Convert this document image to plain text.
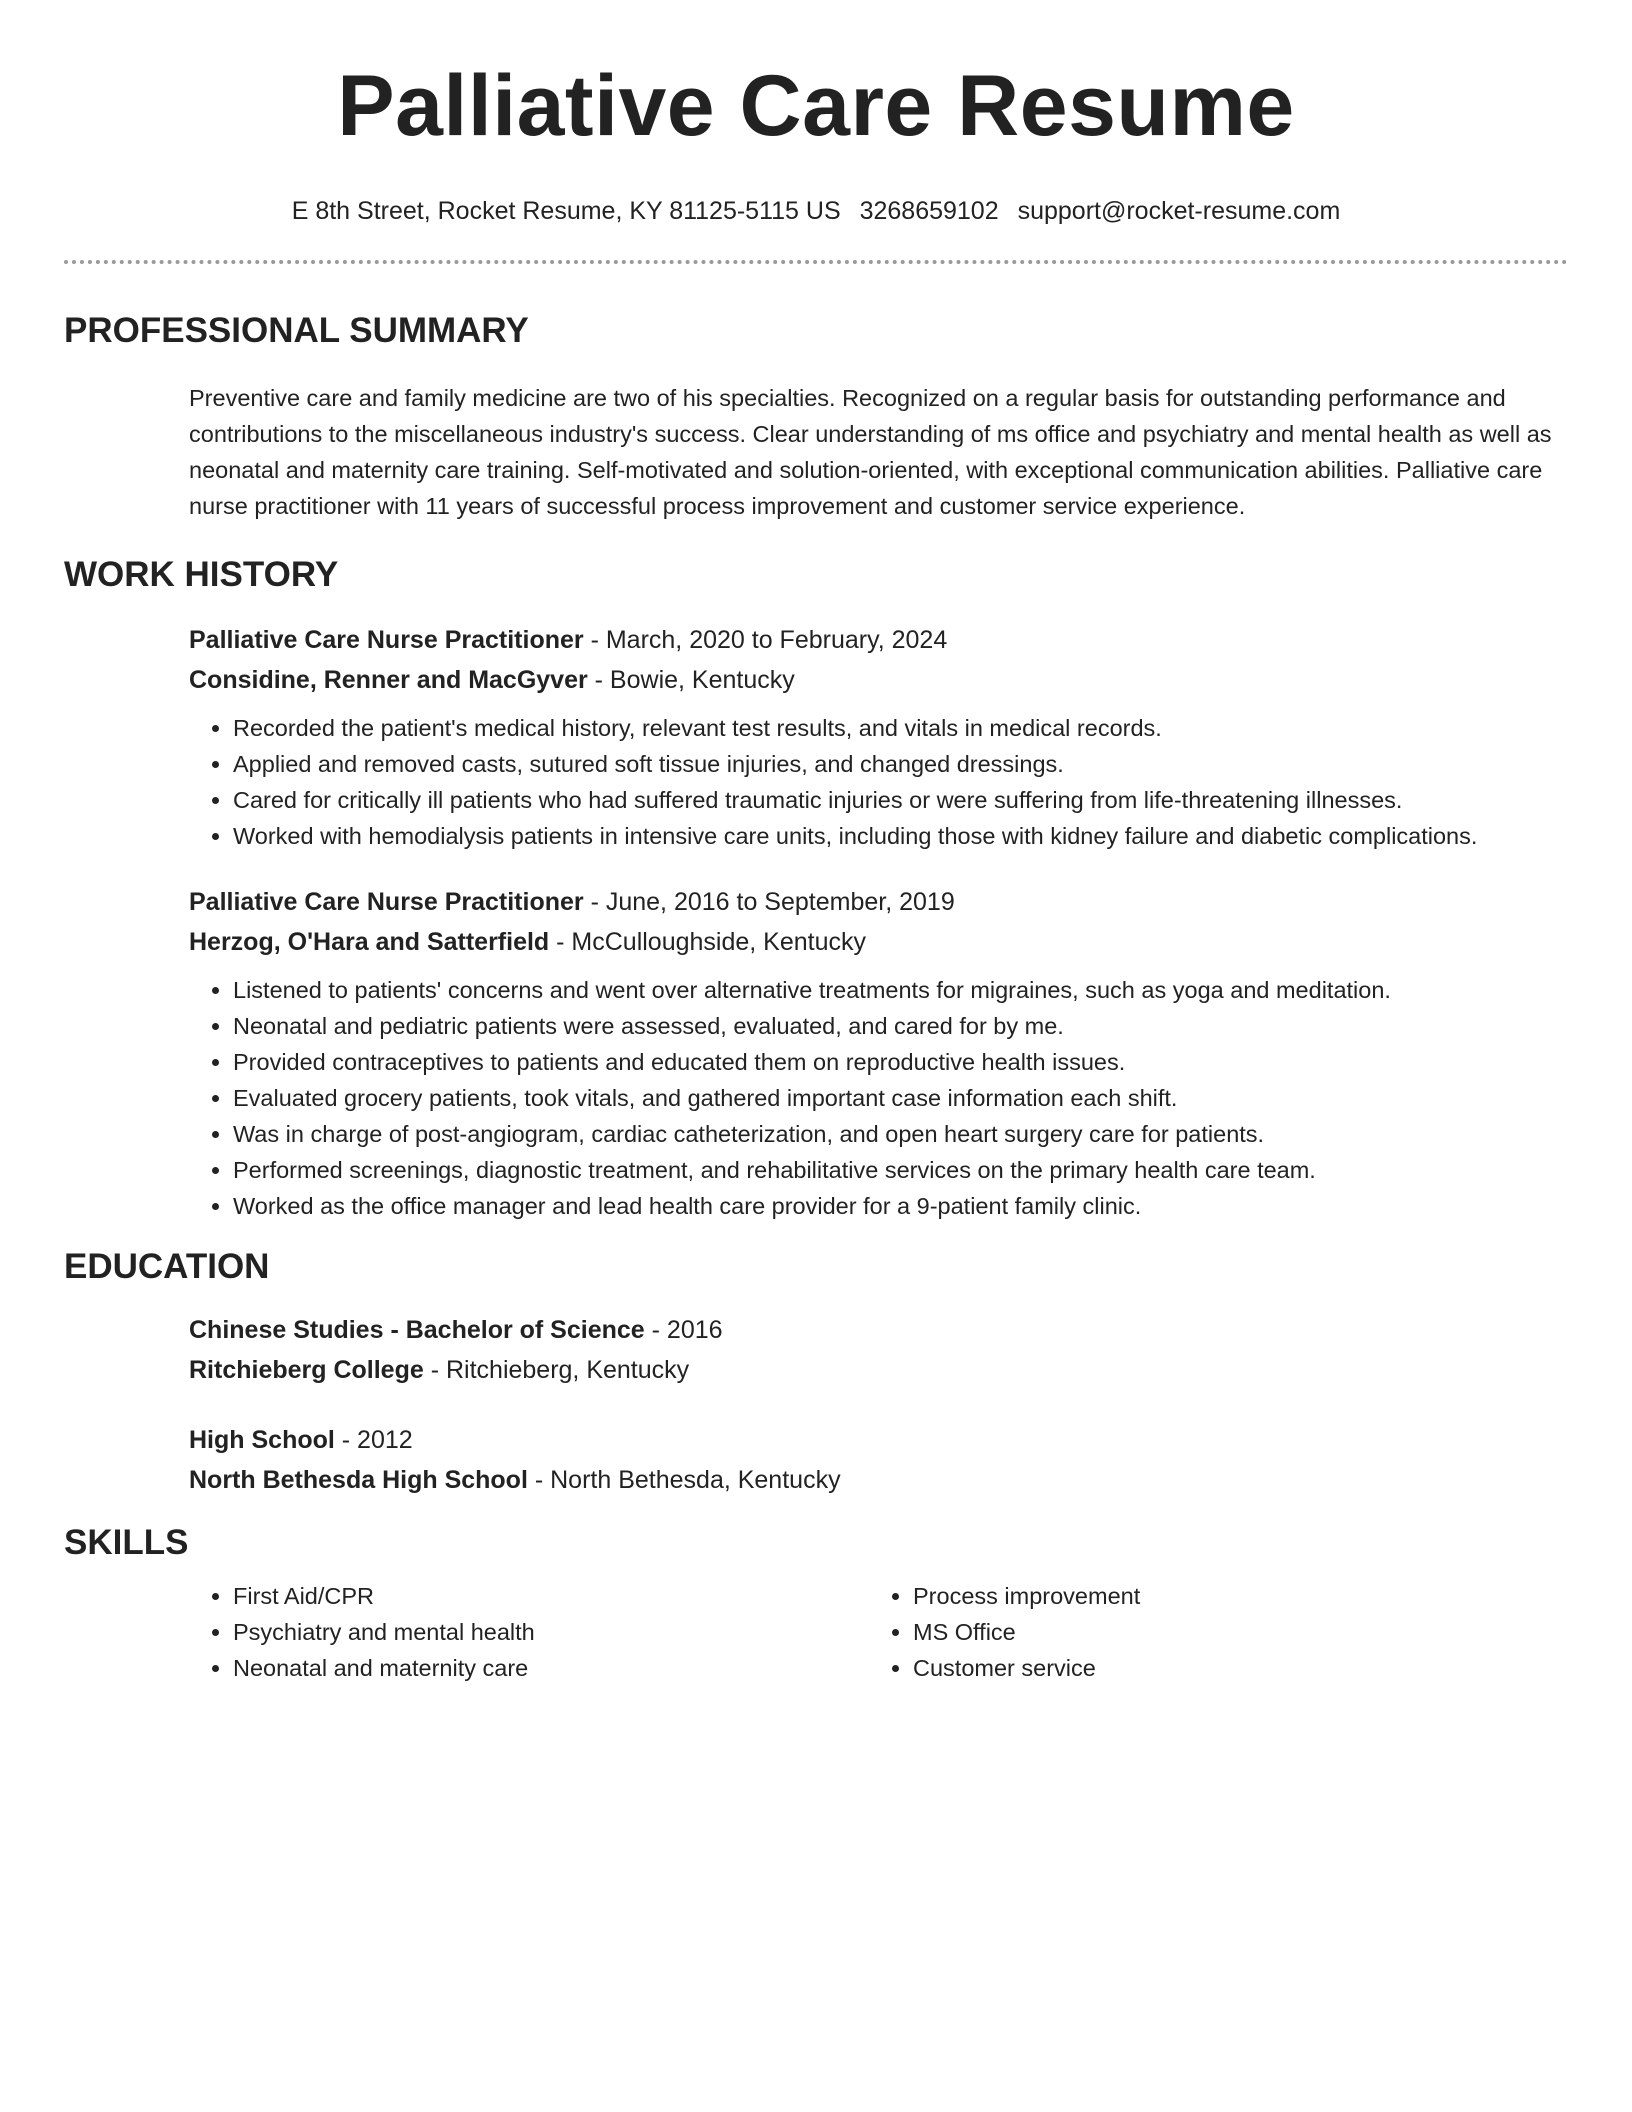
Palliative Care Resume
E 8th Street, Rocket Resume, KY 81125-5115 US 3268659102 support@rocket-resume.com
PROFESSIONAL SUMMARY
Preventive care and family medicine are two of his specialties. Recognized on a regular basis for outstanding performance and contributions to the miscellaneous industry's success. Clear understanding of ms office and psychiatry and mental health as well as neonatal and maternity care training. Self-motivated and solution-oriented, with exceptional communication abilities. Palliative care nurse practitioner with 11 years of successful process improvement and customer service experience.
WORK HISTORY
Palliative Care Nurse Practitioner - March, 2020 to February, 2024
Considine, Renner and MacGyver - Bowie, Kentucky
• Recorded the patient's medical history, relevant test results, and vitals in medical records.
• Applied and removed casts, sutured soft tissue injuries, and changed dressings.
• Cared for critically ill patients who had suffered traumatic injuries or were suffering from life-threatening illnesses.
• Worked with hemodialysis patients in intensive care units, including those with kidney failure and diabetic complications.
Palliative Care Nurse Practitioner - June, 2016 to September, 2019
Herzog, O'Hara and Satterfield - McCulloughside, Kentucky
• Listened to patients' concerns and went over alternative treatments for migraines, such as yoga and meditation.
• Neonatal and pediatric patients were assessed, evaluated, and cared for by me.
• Provided contraceptives to patients and educated them on reproductive health issues.
• Evaluated grocery patients, took vitals, and gathered important case information each shift.
• Was in charge of post-angiogram, cardiac catheterization, and open heart surgery care for patients.
• Performed screenings, diagnostic treatment, and rehabilitative services on the primary health care team.
• Worked as the office manager and lead health care provider for a 9-patient family clinic.
EDUCATION
Chinese Studies - Bachelor of Science - 2016
Ritchieberg College - Ritchieberg, Kentucky
High School - 2012
North Bethesda High School - North Bethesda, Kentucky
SKILLS
• First Aid/CPR
• Psychiatry and mental health
• Neonatal and maternity care
• Process improvement
• MS Office
• Customer service
